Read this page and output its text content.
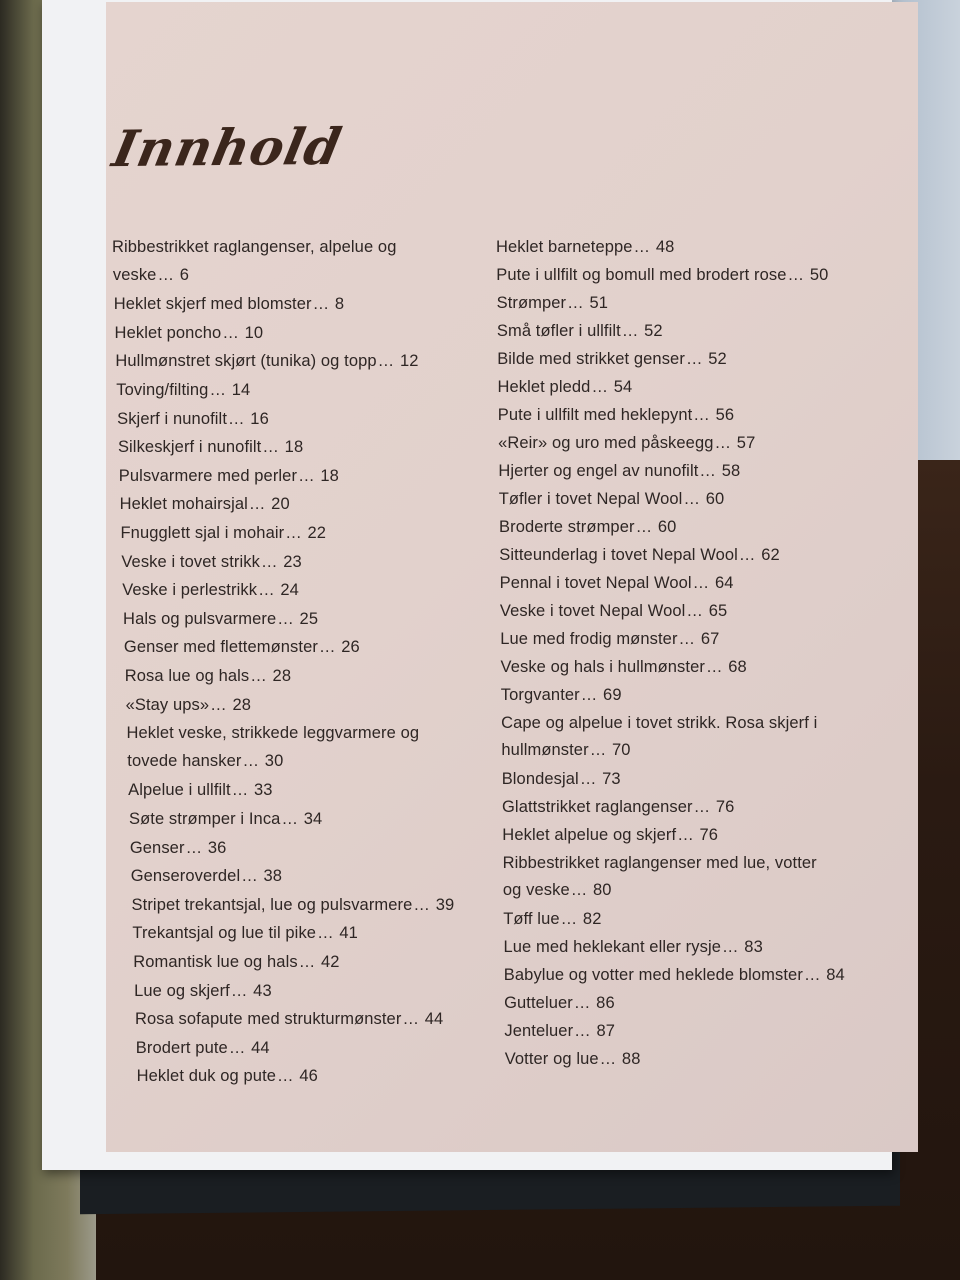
Innhold
Ribbestrikket raglangenser, alpelue og
veske… 6
Heklet skjerf med blomster… 8
Heklet poncho… 10
Hullmønstret skjørt (tunika) og topp… 12
Toving/filting… 14
Skjerf i nunofilt… 16
Silkeskjerf i nunofilt… 18
Pulsvarmere med perler… 18
Heklet mohairsjal… 20
Fnugglett sjal i mohair… 22
Veske i tovet strikk… 23
Veske i perlestrikk… 24
Hals og pulsvarmere… 25
Genser med flettemønster… 26
Rosa lue og hals… 28
«Stay ups»… 28
Heklet veske, strikkede leggvarmere og
tovede hansker… 30
Alpelue i ullfilt… 33
Søte strømper i Inca… 34
Genser… 36
Genseroverdel… 38
Stripet trekantsjal, lue og pulsvarmere… 39
Trekantsjal og lue til pike… 41
Romantisk lue og hals… 42
Lue og skjerf… 43
Rosa sofapute med strukturmønster… 44
Brodert pute… 44
Heklet duk og pute… 46
Heklet barneteppe… 48
Pute i ullfilt og bomull med brodert rose… 50
Strømper… 51
Små tøfler i ullfilt… 52
Bilde med strikket genser… 52
Heklet pledd… 54
Pute i ullfilt med heklepynt… 56
«Reir» og uro med påskeegg… 57
Hjerter og engel av nunofilt… 58
Tøfler i tovet Nepal Wool… 60
Broderte strømper… 60
Sitteunderlag i tovet Nepal Wool… 62
Pennal i tovet Nepal Wool… 64
Veske i tovet Nepal Wool… 65
Lue med frodig mønster… 67
Veske og hals i hullmønster… 68
Torgvanter… 69
Cape og alpelue i tovet strikk. Rosa skjerf i
hullmønster… 70
Blondesjal… 73
Glattstrikket raglangenser… 76
Heklet alpelue og skjerf… 76
Ribbestrikket raglangenser med lue, votter
og veske… 80
Tøff lue… 82
Lue med heklekant eller rysje… 83
Babylue og votter med heklede blomster… 84
Gutteluer… 86
Jenteluer… 87
Votter og lue… 88
